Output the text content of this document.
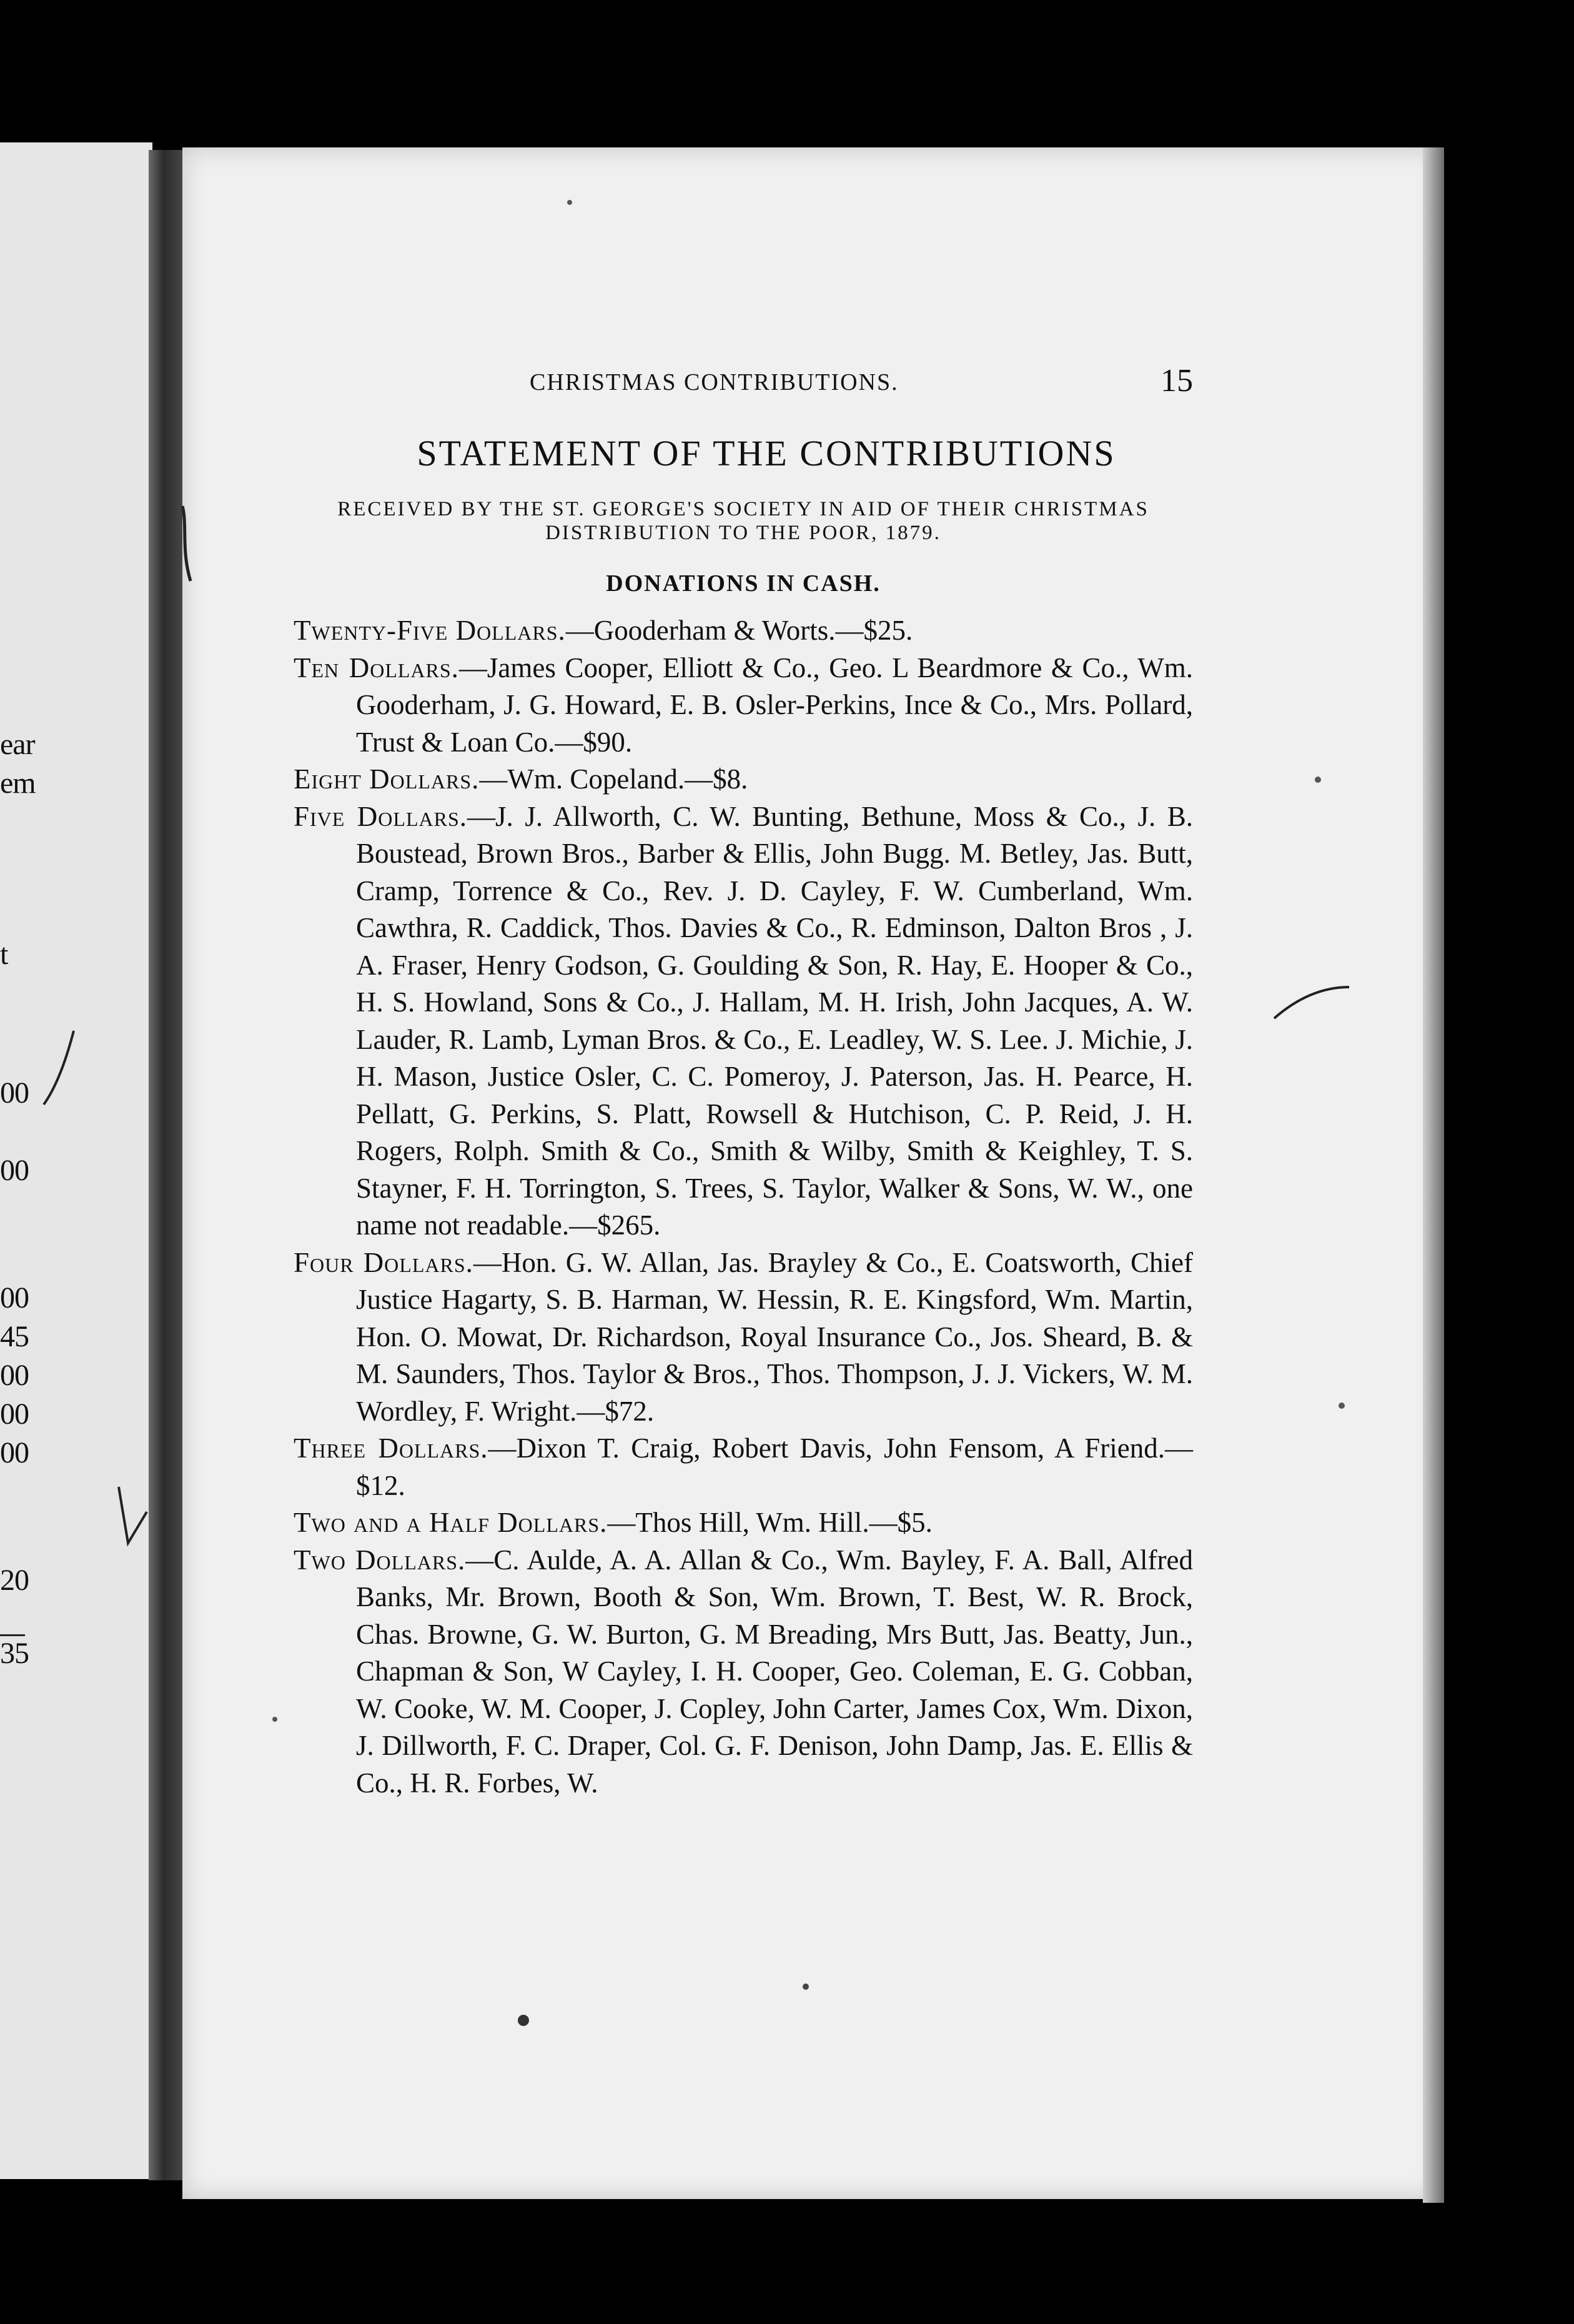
ear
em
t
00
00
00
45
00
00
00
20
35
CHRISTMAS CONTRIBUTIONS.	15
STATEMENT OF THE CONTRIBUTIONS
RECEIVED BY THE ST. GEORGE'S SOCIETY IN AID OF THEIR CHRISTMAS DISTRIBUTION TO THE POOR, 1879.
DONATIONS IN CASH.

Twenty-Five Dollars.—Gooderham & Worts.—$25.

Ten Dollars.—James Cooper, Elliott & Co., Geo. L Beardmore & Co., Wm. Gooderham, J. G. Howard, E. B. Osler-Perkins, Ince & Co., Mrs. Pollard, Trust & Loan Co.—$90.

Eight Dollars.—Wm. Copeland.—$8.

Five Dollars.—J. J. Allworth, C. W. Bunting, Bethune, Moss & Co., J. B. Boustead, Brown Bros., Barber & Ellis, John Bugg. M. Betley, Jas. Butt, Cramp, Torrence & Co., Rev. J. D. Cayley, F. W. Cumberland, Wm. Cawthra, R. Caddick, Thos. Davies & Co., R. Edminson, Dalton Bros , J. A. Fraser, Henry Godson, G. Goulding & Son, R. Hay, E. Hooper & Co., H. S. Howland, Sons & Co., J. Hallam, M. H. Irish, John Jacques, A. W. Lauder, R. Lamb, Lyman Bros. & Co., E. Leadley, W. S. Lee. J. Michie, J. H. Mason, Justice Osler, C. C. Pomeroy, J. Paterson, Jas. H. Pearce, H. Pellatt, G. Perkins, S. Platt, Rowsell & Hutchison, C. P. Reid, J. H. Rogers, Rolph. Smith & Co., Smith & Wilby, Smith & Keighley, T. S. Stayner, F. H. Torrington, S. Trees, S. Taylor, Walker & Sons, W. W., one name not readable.—$265.

Four Dollars.—Hon. G. W. Allan, Jas. Brayley & Co., E. Coatsworth, Chief Justice Hagarty, S. B. Harman, W. Hessin, R. E. Kingsford, Wm. Martin, Hon. O. Mowat, Dr. Richardson, Royal Insurance Co., Jos. Sheard, B. & M. Saunders, Thos. Taylor & Bros., Thos. Thompson, J. J. Vickers, W. M. Wordley, F. Wright.—$72.

Three Dollars.—Dixon T. Craig, Robert Davis, John Fensom, A Friend.—$12.

Two and a Half Dollars.—Thos Hill, Wm. Hill.—$5.

Two Dollars.—C. Aulde, A. A. Allan & Co., Wm. Bayley, F. A. Ball, Alfred Banks, Mr. Brown, Booth & Son, Wm. Brown, T. Best, W. R. Brock, Chas. Browne, G. W. Burton, G. M Breading, Mrs Butt, Jas. Beatty, Jun., Chapman & Son, W Cayley, I. H. Cooper, Geo. Coleman, E. G. Cobban, W. Cooke, W. M. Cooper, J. Copley, John Carter, James Cox, Wm. Dixon, J. Dillworth, F. C. Draper, Col. G. F. Denison, John Damp, Jas. E. Ellis & Co., H. R. Forbes, W.
